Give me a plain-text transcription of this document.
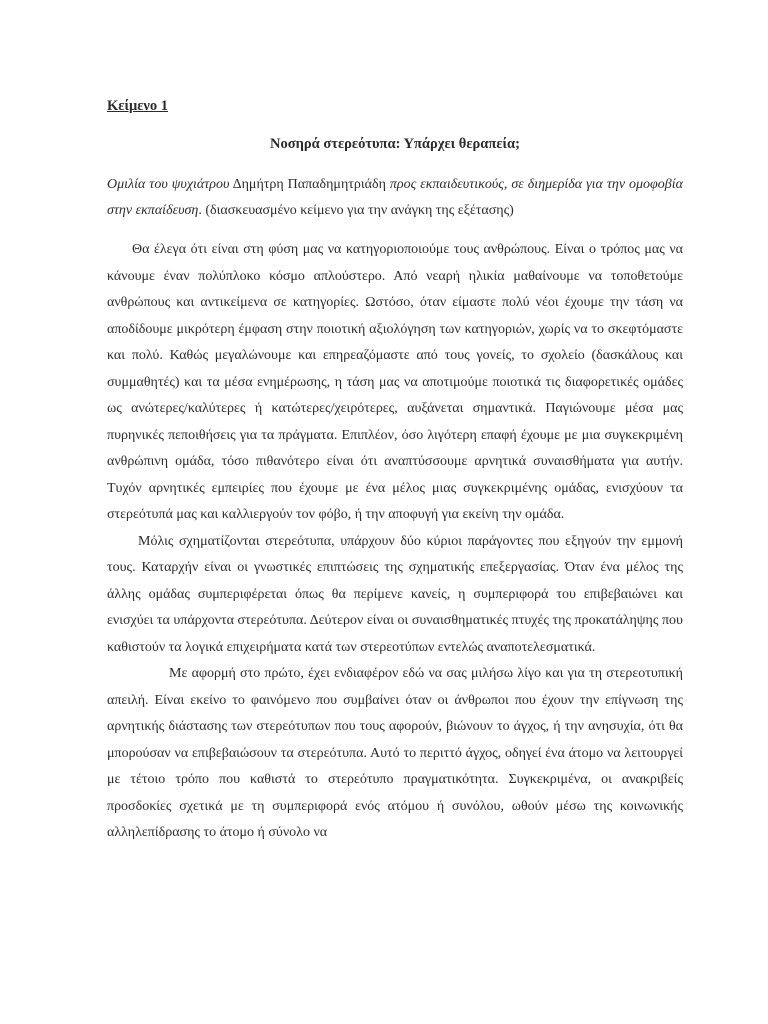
Κείμενο 1

Νοσηρά στερεότυπα: Υπάρχει θεραπεία;

Ομιλία του ψυχιάτρου Δημήτρη Παπαδημητριάδη προς εκπαιδευτικούς, σε διημερίδα για την ομοφοβία στην εκπαίδευση. (διασκευασμένο κείμενο για την ανάγκη της εξέτασης)

Θα έλεγα ότι είναι στη φύση μας να κατηγοριοποιούμε τους ανθρώπους. Είναι ο τρόπος μας να κάνουμε έναν πολύπλοκο κόσμο απλούστερο. Από νεαρή ηλικία μαθαίνουμε να τοποθετούμε ανθρώπους και αντικείμενα σε κατηγορίες. Ωστόσο, όταν είμαστε πολύ νέοι έχουμε την τάση να αποδίδουμε μικρότερη έμφαση στην ποιοτική αξιολόγηση των κατηγοριών, χωρίς να το σκεφτόμαστε και πολύ. Καθώς μεγαλώνουμε και επηρεαζόμαστε από τους γονείς, το σχολείο (δασκάλους και συμμαθητές) και τα μέσα ενημέρωσης, η τάση μας να αποτιμούμε ποιοτικά τις διαφορετικές ομάδες ως ανώτερες/καλύτερες ή κατώτερες/χειρότερες, αυξάνεται σημαντικά. Παγιώνουμε μέσα μας πυρηνικές πεποιθήσεις για τα πράγματα. Επιπλέον, όσο λιγότερη επαφή έχουμε με μια συγκεκριμένη ανθρώπινη ομάδα, τόσο πιθανότερο είναι ότι αναπτύσσουμε αρνητικά συναισθήματα για αυτήν. Τυχόν αρνητικές εμπειρίες που έχουμε με ένα μέλος μιας συγκεκριμένης ομάδας, ενισχύουν τα στερεότυπά μας και καλλιεργούν τον φόβο, ή την αποφυγή για εκείνη την ομάδα.

Μόλις σχηματίζονται στερεότυπα, υπάρχουν δύο κύριοι παράγοντες που εξηγούν την εμμονή τους. Καταρχήν είναι οι γνωστικές επιπτώσεις της σχηματικής επεξεργασίας. Όταν ένα μέλος της άλλης ομάδας συμπεριφέρεται όπως θα περίμενε κανείς, η συμπεριφορά του επιβεβαιώνει και ενισχύει τα υπάρχοντα στερεότυπα. Δεύτερον είναι οι συναισθηματικές πτυχές της προκατάληψης που καθιστούν τα λογικά επιχειρήματα κατά των στερεοτύπων εντελώς αναποτελεσματικά.

Με αφορμή στο πρώτο, έχει ενδιαφέρον εδώ να σας μιλήσω λίγο και για τη στερεοτυπική απειλή. Είναι εκείνο το φαινόμενο που συμβαίνει όταν οι άνθρωποι που έχουν την επίγνωση της αρνητικής διάστασης των στερεότυπων που τους αφορούν, βιώνουν το άγχος, ή την ανησυχία, ότι θα μπορούσαν να επιβεβαιώσουν τα στερεότυπα. Αυτό το περιττό άγχος, οδηγεί ένα άτομο να λειτουργεί με τέτοιο τρόπο που καθιστά το στερεότυπο πραγματικότητα. Συγκεκριμένα, οι ανακριβείς προσδοκίες σχετικά με τη συμπεριφορά ενός ατόμου ή συνόλου, ωθούν μέσω της κοινωνικής αλληλεπίδρασης το άτομο ή σύνολο να
